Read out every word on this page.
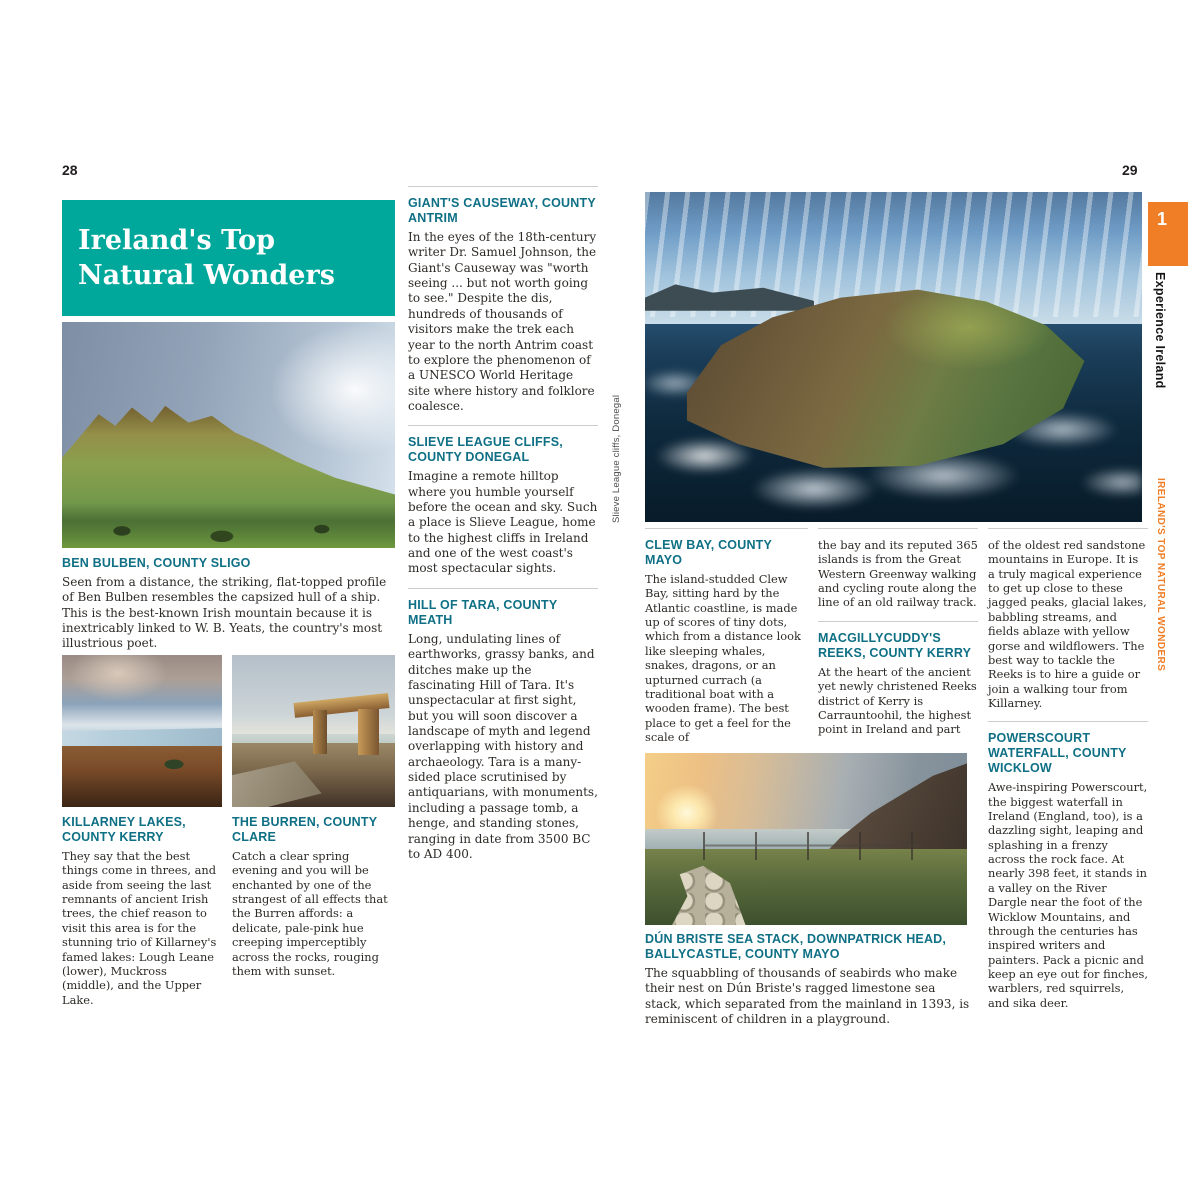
28	29
Ireland's Top
Natural Wonders
BEN BULBEN, COUNTY SLIGO

Seen from a distance, the striking, flat-topped profile of Ben Bulben resembles the capsized hull of a ship. This is the best-known Irish mountain because it is inextricably linked to W. B. Yeats, the country's most illustrious poet.

KILLARNEY LAKES, COUNTY KERRY

They say that the best things come in threes, and aside from seeing the last remnants of ancient Irish trees, the chief reason to visit this area is for the stunning trio of Killarney's famed lakes: Lough Leane (lower), Muckross (middle), and the Upper Lake.

THE BURREN, COUNTY CLARE

Catch a clear spring evening and you will be enchanted by one of the strangest of all effects that the Burren affords: a delicate, pale-pink hue creeping imperceptibly across the rocks, rouging them with sunset.

GIANT'S CAUSEWAY, COUNTY ANTRIM

In the eyes of the 18th-century writer Dr. Samuel Johnson, the Giant's Causeway was "worth seeing ... but not worth going to see." Despite the dis, hundreds of thousands of visitors make the trek each year to the north Antrim coast to explore the phenomenon of a UNESCO World Heritage site where history and folklore coalesce.

SLIEVE LEAGUE CLIFFS, COUNTY DONEGAL

Imagine a remote hilltop where you humble yourself before the ocean and sky. Such a place is Slieve League, home to the highest cliffs in Ireland and one of the west coast's most spectacular sights.

HILL OF TARA, COUNTY MEATH

Long, undulating lines of earthworks, grassy banks, and ditches make up the fascinating Hill of Tara. It's unspectacular at first sight, but you will soon discover a landscape of myth and legend overlapping with history and archaeology. Tara is a many-sided place scrutinised by antiquarians, with monuments, including a passage tomb, a henge, and standing stones, ranging in date from 3500 BC to AD 400.

Slieve League cliffs, Donegal
CLEW BAY, COUNTY MAYO

The island-studded Clew Bay, sitting hard by the Atlantic coastline, is made up of scores of tiny dots, which from a distance look like sleeping whales, snakes, dragons, or an upturned currach (a traditional boat with a wooden frame). The best place to get a feel for the scale of

the bay and its reputed 365 islands is from the Great Western Greenway walking and cycling route along the line of an old railway track.

MACGILLYCUDDY'S REEKS, COUNTY KERRY

At the heart of the ancient yet newly christened Reeks district of Kerry is Carrauntoohil, the highest point in Ireland and part

of the oldest red sandstone mountains in Europe. It is a truly magical experience to get up close to these jagged peaks, glacial lakes, babbling streams, and fields ablaze with yellow gorse and wildflowers. The best way to tackle the Reeks is to hire a guide or join a walking tour from Killarney.

POWERSCOURT WATERFALL, COUNTY WICKLOW

Awe-inspiring Powerscourt, the biggest waterfall in Ireland (England, too), is a dazzling sight, leaping and splashing in a frenzy across the rock face. At nearly 398 feet, it stands in a valley on the River Dargle near the foot of the Wicklow Mountains, and through the centuries has inspired writers and painters. Pack a picnic and keep an eye out for finches, warblers, red squirrels, and sika deer.

DÚN BRISTE SEA STACK, DOWNPATRICK HEAD, BALLYCASTLE, COUNTY MAYO

The squabbling of thousands of seabirds who make their nest on Dún Briste's ragged limestone sea stack, which separated from the mainland in 1393, is reminiscent of children in a playground.

1
Experience Ireland
IRELAND'S TOP NATURAL WONDERS
